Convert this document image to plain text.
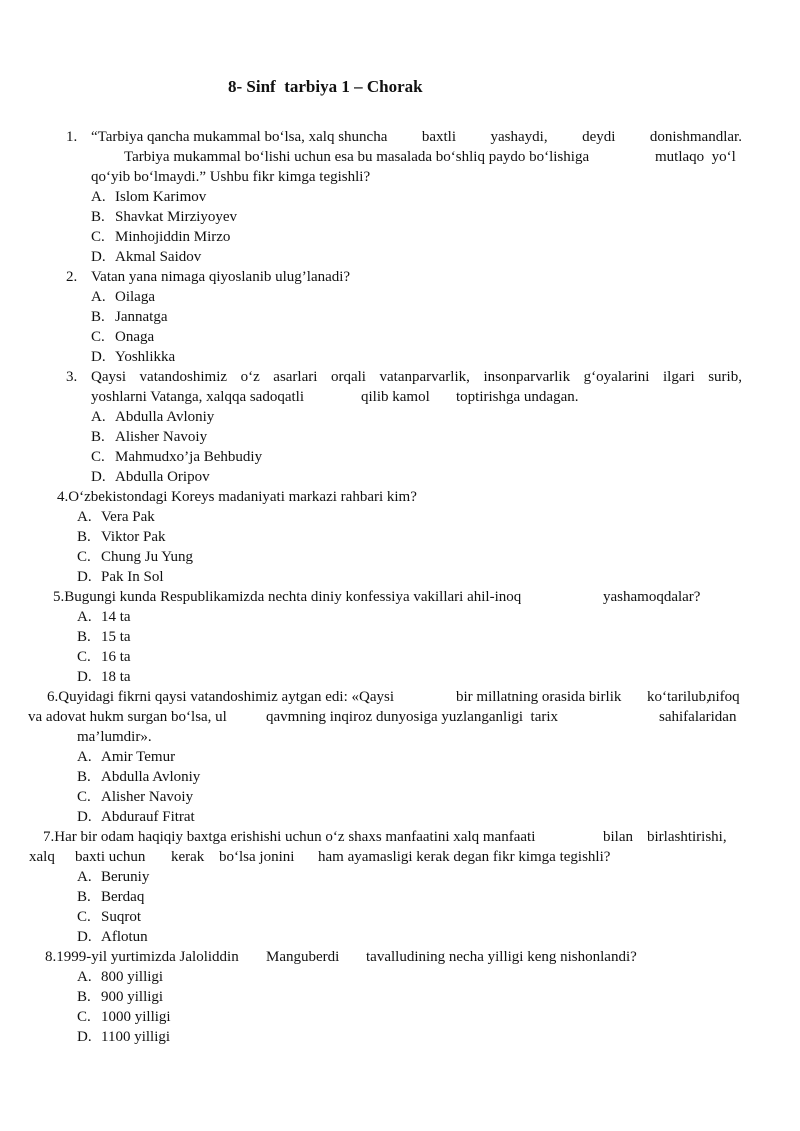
8- Sinf  tarbiya 1 – Chorak
1. “Tarbiya qancha mukammal bo‘lsa, xalq shuncha baxtli yashaydi, deydi donishmandlar.
Tarbiya mukammal bo‘lishi uchun esa bu masalada bo‘shliq paydo bo‘lishiga	mutlaqo  yo‘l
qo‘yib bo‘lmaydi.” Ushbu fikr kimga tegishli?
A. Islom Karimov
B. Shavkat Mirziyoyev
C. Minhojiddin Mirzo
D. Akmal Saidov
2. Vatan yana nimaga qiyoslanib ulug’lanadi?
A. Oilaga
B. Jannatga
C. Onaga
D. Yoshlikka
3. Qaysi vatandoshimiz o‘z asarlari orqali vatanparvarlik, insonparvarlik g‘oyalarini ilgari surib,
yoshlarni Vatanga, xalqqa sadoqatli	qilib kamol toptirishga undagan.
A. Abdulla Avloniy
B. Alisher Navoiy
C. Mahmudxo’ja Behbudiy
D. Abdulla Oripov
4.O‘zbekistondagi Koreys madaniyati markazi rahbari kim?
A. Vera Pak
B. Viktor Pak
C. Chung Ju Yung
D. Pak In Sol
5.Bugungi kunda Respublikamizda nechta diniy konfessiya vakillari ahil-inoq	yashamoqdalar?
A. 14 ta
B. 15 ta
C. 16 ta
D. 18 ta
6.Quyidagi fikrni qaysi vatandoshimiz aytgan edi: «Qaysi	bir millatning orasida birlik ko‘tarilub,
nifoq
va adovat hukm surgan bo‘lsa, ul	qavmning inqiroz dunyosiga yuzlanganligi  tarix	sahifalaridan
ma’lumdir».
A. Amir Temur
B. Abdulla Avloniy
C. Alisher Navoiy
D. Abdurauf Fitrat
7.Har bir odam haqiqiy baxtga erishishi uchun o‘z shaxs manfaatini xalq manfaati	bilan birlashtirishi,
xalq baxti uchun kerak bo‘lsa jonini ham ayamasligi kerak degan fikr kimga tegishli?
A. Beruniy
B. Berdaq
C. Suqrot
D. Aflotun
8.1999-yil yurtimizda Jaloliddin Manguberdi tavalludining necha yilligi keng nishonlandi?
A. 800 yilligi
B. 900 yilligi
C. 1000 yilligi
D. 1100 yilligi
